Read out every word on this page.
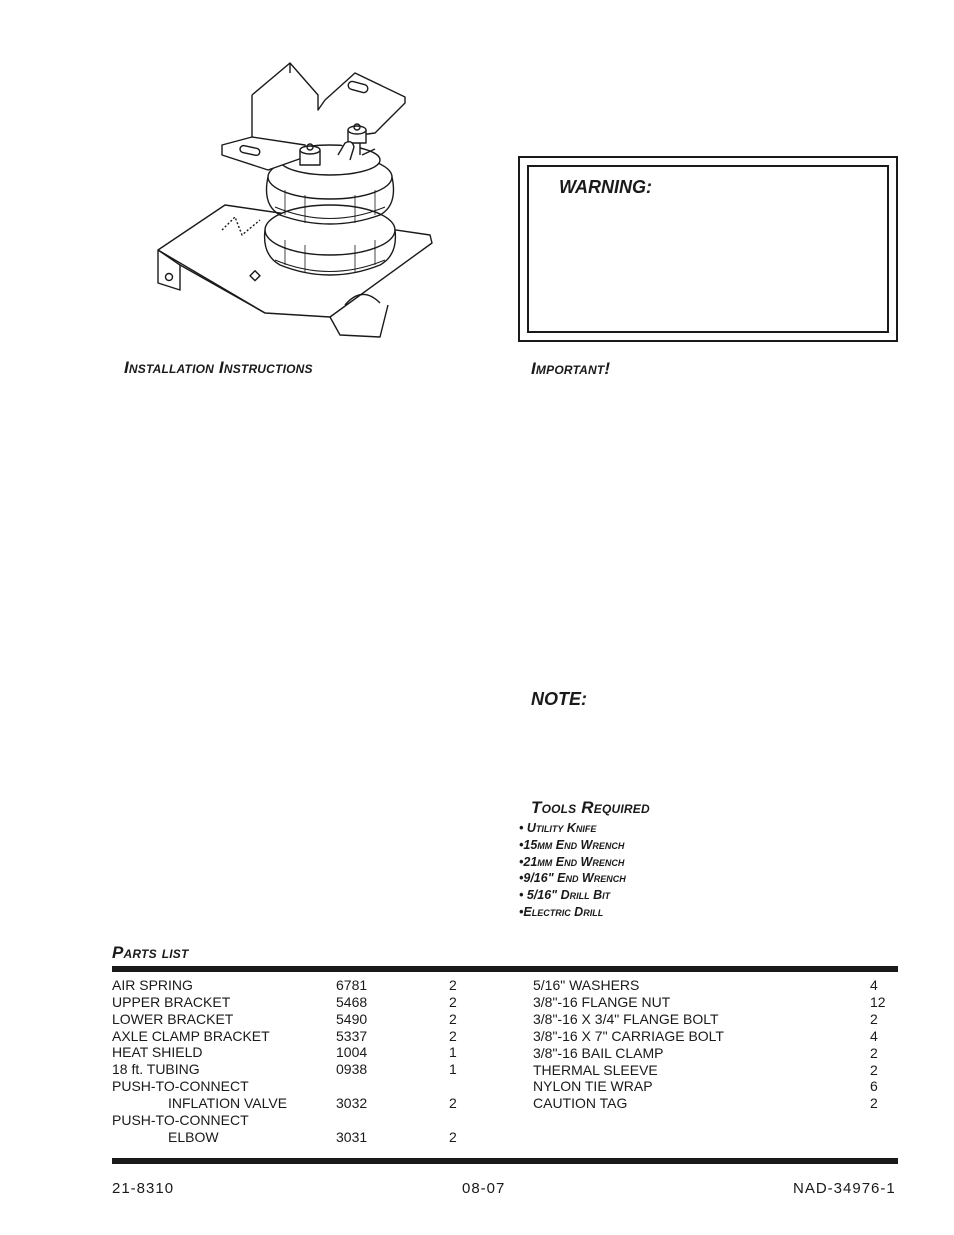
WARNING:
Installation Instructions	Important!
NOTE:
Tools Required
• Utility Knife
•15mm End Wrench
•21mm End Wrench
•9/16" End Wrench
• 5/16" Drill Bit
•Electric Drill
Parts list
AIR SPRING	6781	2
UPPER BRACKET	5468	2
LOWER BRACKET	5490	2
AXLE CLAMP BRACKET	5337	2
HEAT SHIELD	1004	1
18 ft. TUBING	0938	1
PUSH-TO-CONNECT
INFLATION VALVE	3032	2
PUSH-TO-CONNECT
ELBOW	3031	2
5/16" WASHERS	4
3/8"-16 FLANGE NUT	12
3/8"-16 X 3/4" FLANGE BOLT	2
3/8"-16 X 7" CARRIAGE BOLT	4
3/8"-16 BAIL CLAMP	2
THERMAL SLEEVE	2
NYLON TIE WRAP	6
CAUTION TAG	2
21-8310	08-07	NAD-34976-1
